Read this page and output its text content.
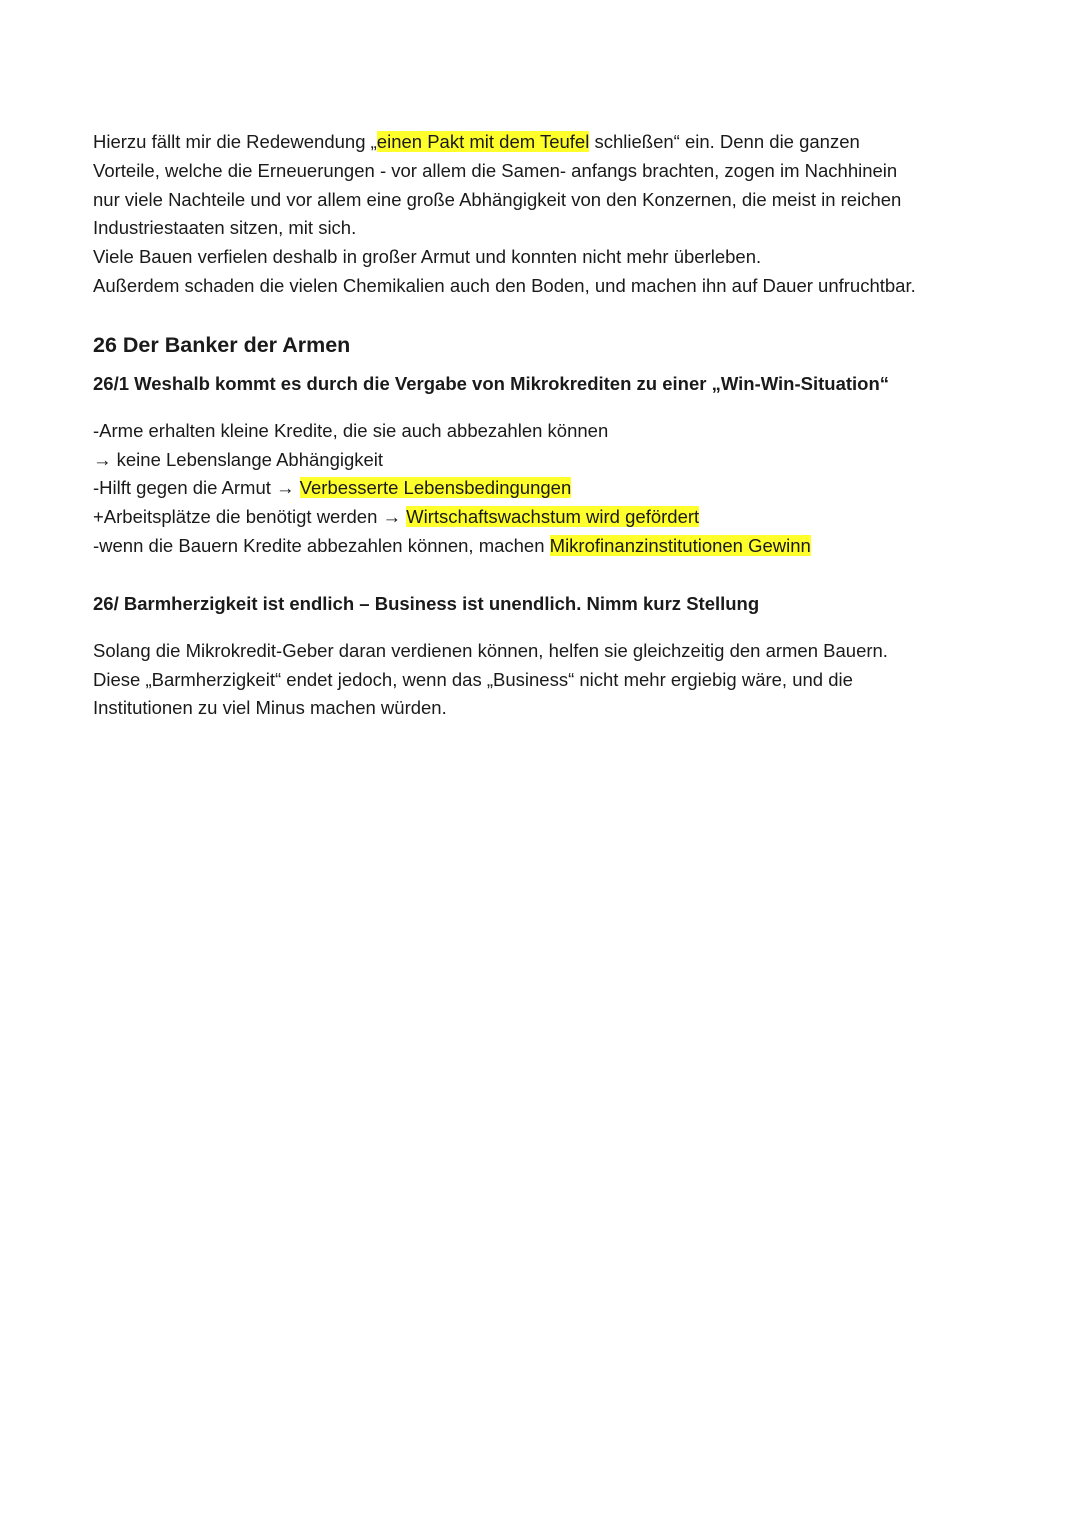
Hierzu fällt mir die Redewendung „einen Pakt mit dem Teufel schließen“ ein. Denn die ganzen
Vorteile, welche die Erneuerungen - vor allem die Samen- anfangs brachten, zogen im Nachhinein
nur viele Nachteile und vor allem eine große Abhängigkeit von den Konzernen, die meist in reichen
Industriestaaten sitzen, mit sich.
Viele Bauen verfielen deshalb in großer Armut und konnten nicht mehr überleben.
Außerdem schaden die vielen Chemikalien auch den Boden, und machen ihn auf Dauer unfruchtbar.

26 Der Banker der Armen
26/1 Weshalb kommt es durch die Vergabe von Mikrokrediten zu einer „Win-Win-Situation“

-Arme erhalten kleine Kredite, die sie auch abbezahlen können
→ keine Lebenslange Abhängigkeit
-Hilft gegen die Armut → Verbesserte Lebensbedingungen
+Arbeitsplätze die benötigt werden → Wirtschaftswachstum wird gefördert
-wenn die Bauern Kredite abbezahlen können, machen Mikrofinanzinstitutionen Gewinn

26/ Barmherzigkeit ist endlich – Business ist unendlich. Nimm kurz Stellung

Solang die Mikrokredit-Geber daran verdienen können, helfen sie gleichzeitig den armen Bauern.
Diese „Barmherzigkeit“ endet jedoch, wenn das „Business“ nicht mehr ergiebig wäre, und die
Institutionen zu viel Minus machen würden.
